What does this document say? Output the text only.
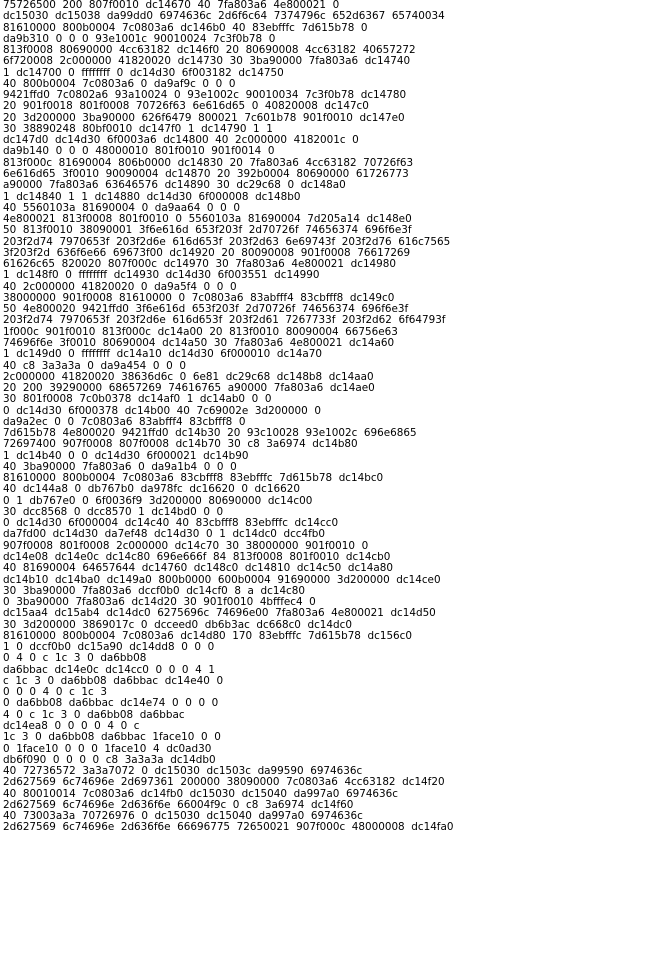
75726500  200  807f0010  dc14670  40  7fa803a6  4e800021  0
dc15030  dc15038  da99dd0  6974636c  2d6f6c64  7374796c  652d6367  65740034
81610000  800b0004  7c0803a6  dc146b0  40  83ebfffc  7d615b78  0
da9b310  0  0  0  93e1001c  90010024  7c3f0b78  0
813f0008  80690000  4cc63182  dc146f0  20  80690008  4cc63182  40657272
6f720008  2c000000  41820020  dc14730  30  3ba90000  7fa803a6  dc14740
1  dc14700  0  ffffffff  0  dc14d30  6f003182  dc14750
40  800b0004  7c0803a6  0  da9af9c  0  0  0
9421ffd0  7c0802a6  93a10024  0  93e1002c  90010034  7c3f0b78  dc14780
20  901f0018  801f0008  70726f63  6e616d65  0  40820008  dc147c0
20  3d200000  3ba90000  626f6479  800021  7c601b78  901f0010  dc147e0
30  38890248  80bf0010  dc147f0  1  dc14790  1  1
dc147d0  dc14d30  6f0003a6  dc14800  40  2c000000  4182001c  0
da9b140  0  0  0  48000010  801f0010  901f0014  0
813f000c  81690004  806b0000  dc14830  20  7fa803a6  4cc63182  70726f63
6e616d65  3f0010  90090004  dc14870  20  392b0004  80690000  61726773
a90000  7fa803a6  63646576  dc14890  30  dc29c68  0  dc148a0
1  dc14840  1  1  dc14880  dc14d30  6f000008  dc148b0
40  5560103a  81690004  0  da9aa64  0  0  0
4e800021  813f0008  801f0010  0  5560103a  81690004  7d205a14  dc148e0
50  813f0010  38090001  3f6e616d  653f203f  2d70726f  74656374  696f6e3f
203f2d74  7970653f  203f2d6e  616d653f  203f2d63  6e69743f  203f2d76  616c7565
3f203f2d  636f6e66  69673f00  dc14920  20  80090008  901f0008  76617269
61626c65  820020  807f000c  dc14970  30  7fa803a6  4e800021  dc14980
1  dc148f0  0  ffffffff  dc14930  dc14d30  6f003551  dc14990
40  2c000000  41820020  0  da9a5f4  0  0  0
38000000  901f0008  81610000  0  7c0803a6  83abfff4  83cbfff8  dc149c0
50  4e800020  9421ffd0  3f6e616d  653f203f  2d70726f  74656374  696f6e3f
203f2d74  7970653f  203f2d6e  616d653f  203f2d61  7267733f  203f2d62  6f64793f
1f000c  901f0010  813f000c  dc14a00  20  813f0010  80090004  66756e63
74696f6e  3f0010  80690004  dc14a50  30  7fa803a6  4e800021  dc14a60
1  dc149d0  0  ffffffff  dc14a10  dc14d30  6f000010  dc14a70
40  c8  3a3a3a  0  da9a454  0  0  0
2c000000  41820020  38636d6c  0  6e81  dc29c68  dc148b8  dc14aa0
20  200  39290000  68657269  74616765  a90000  7fa803a6  dc14ae0
30  801f0008  7c0b0378  dc14af0  1  dc14ab0  0  0
0  dc14d30  6f000378  dc14b00  40  7c69002e  3d200000  0
da9a2ec  0  0  7c0803a6  83abfff4  83cbfff8  0
7d615b78  4e800020  9421ffd0  dc14b30  20  93c10028  93e1002c  696e6865
72697400  907f0008  807f0008  dc14b70  30  c8  3a6974  dc14b80
1  dc14b40  0  0  dc14d30  6f000021  dc14b90
40  3ba90000  7fa803a6  0  da9a1b4  0  0  0
81610000  800b0004  7c0803a6  83cbfff8  83ebfffc  7d615b78  dc14bc0
40  dc144a8  0  db767b0  da978fc  dc16620  0  dc16620
0  1  db767e0  0  6f0036f9  3d200000  80690000  dc14c00
30  dcc8568  0  dcc8570  1  dc14bd0  0  0
0  dc14d30  6f000004  dc14c40  40  83cbfff8  83ebfffc  dc14cc0
da7fd00  dc14d30  da7ef48  dc14d30  0  1  dc14dc0  dcc4fb0
907f0008  801f0008  2c000000  dc14c70  30  38000000  901f0010  0
dc14e08  dc14e0c  dc14c80  696e666f  84  813f0008  801f0010  dc14cb0
40  81690004  64657644  dc14760  dc148c0  dc14810  dc14c50  dc14a80
dc14b10  dc14ba0  dc149a0  800b0000  600b0004  91690000  3d200000  dc14ce0
30  3ba90000  7fa803a6  dccf0b0  dc14cf0  8  a  dc14c80
0  3ba90000  7fa803a6  dc14d20  30  901f0010  4bfffec4  0
dc15aa4  dc15ab4  dc14dc0  6275696c  74696e00  7fa803a6  4e800021  dc14d50
30  3d200000  3869017c  0  dcceed0  db6b3ac  dc668c0  dc14dc0
81610000  800b0004  7c0803a6  dc14d80  170  83ebfffc  7d615b78  dc156c0
1  0  dccf0b0  dc15a90  dc14dd8  0  0  0
0  4  0  c  1c  3  0  da6bb08
da6bbac  dc14e0c  dc14cc0  0  0  0  4  1
c  1c  3  0  da6bb08  da6bbac  dc14e40  0
0  0  0  4  0  c  1c  3
0  da6bb08  da6bbac  dc14e74  0  0  0  0
4  0  c  1c  3  0  da6bb08  da6bbac
dc14ea8  0  0  0  0  4  0  c
1c  3  0  da6bb08  da6bbac  1face10  0  0
0  1face10  0  0  0  1face10  4  dc0ad30
db6f090  0  0  0  0  c8  3a3a3a  dc14db0
40  72736572  3a3a7072  0  dc15030  dc1503c  da99590  6974636c
2d627569  6c74696e  2d697361  200000  38090000  7c0803a6  4cc63182  dc14f20
40  80010014  7c0803a6  dc14fb0  dc15030  dc15040  da997a0  6974636c
2d627569  6c74696e  2d636f6e  66004f9c  0  c8  3a6974  dc14f60
40  73003a3a  70726976  0  dc15030  dc15040  da997a0  6974636c
2d627569  6c74696e  2d636f6e  66696775  72650021  907f000c  48000008  dc14fa0
